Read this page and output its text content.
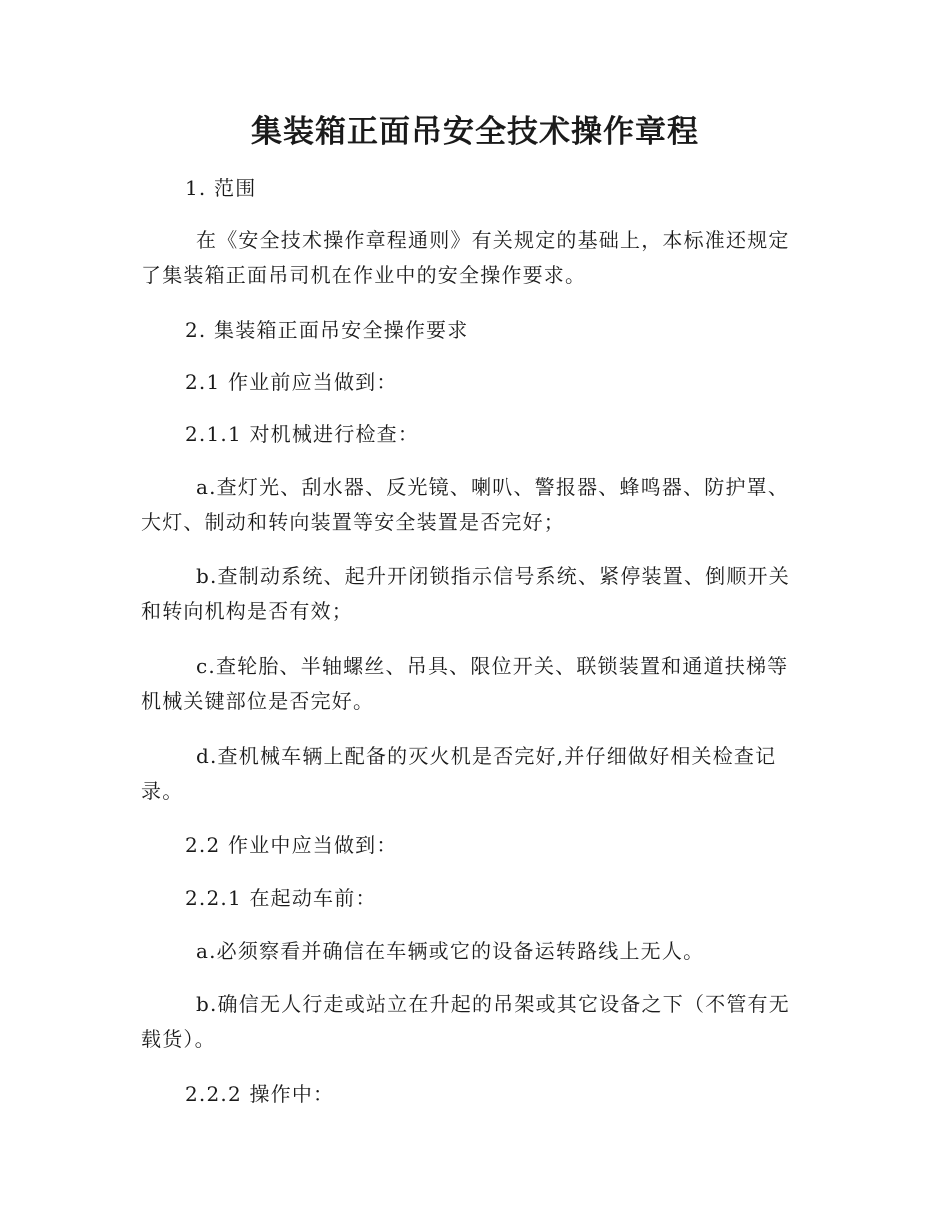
集装箱正面吊安全技术操作章程
1. 范围
在《安全技术操作章程通则》有关规定的基础上，本标准还规定
了集装箱正面吊司机在作业中的安全操作要求。
2. 集装箱正面吊安全操作要求
2.1 作业前应当做到：
2.1.1 对机械进行检查：
a.查灯光、刮水器、反光镜、喇叭、警报器、蜂鸣器、防护罩、
大灯、制动和转向装置等安全装置是否完好；
b.查制动系统、起升开闭锁指示信号系统、紧停装置、倒顺开关
和转向机构是否有效；
c.查轮胎、半轴螺丝、吊具、限位开关、联锁装置和通道扶梯等
机械关键部位是否完好。
d.查机械车辆上配备的灭火机是否完好,并仔细做好相关检查记
录。
2.2 作业中应当做到：
2.2.1 在起动车前：
a.必须察看并确信在车辆或它的设备运转路线上无人。
b.确信无人行走或站立在升起的吊架或其它设备之下（不管有无
载货）。
2.2.2 操作中：
